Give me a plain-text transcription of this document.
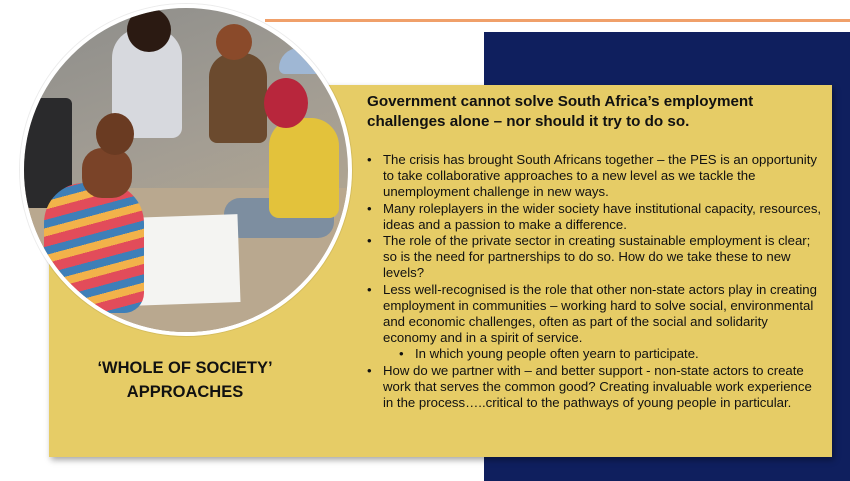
Government cannot solve South Africa’s employment challenges alone – nor should it try to do so.
• The crisis has brought South Africans together – the PES is an opportunity to take collaborative approaches to a new level as we tackle the unemployment challenge in new ways.
• Many roleplayers in the wider society have institutional capacity, resources, ideas and a passion to make a difference.
• The role of the private sector in creating sustainable employment is clear; so is the need for partnerships to do so. How do we take these to new levels?
• Less well-recognised is the role that other non-state actors play in creating employment in communities – working hard to solve social, environmental and economic challenges, often as part of the social and solidarity economy and in a spirit of service.
• In which young people often yearn to participate.
• How do we partner with – and better support - non-state actors to create work that serves the common good? Creating invaluable work experience in the process…..critical to the pathways of young people in particular.
‘WHOLE OF SOCIETY’
APPROACHES
